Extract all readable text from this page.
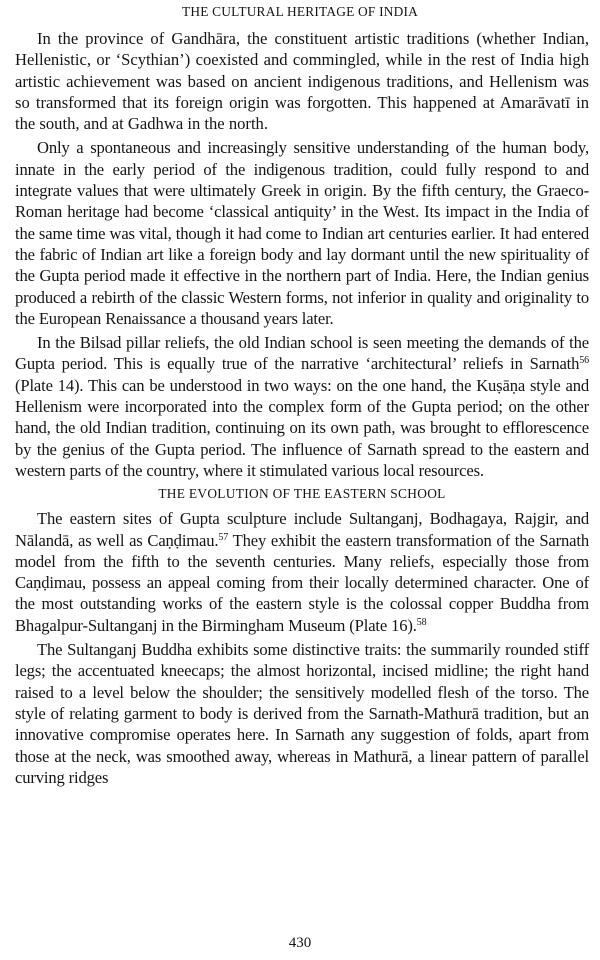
THE CULTURAL HERITAGE OF INDIA

In the province of Gandhāra, the constituent artistic traditions (whether Indian, Hellenistic, or ‘Scythian’) coexisted and commingled, while in the rest of India high artistic achievement was based on ancient indigenous traditions, and Hellenism was so transformed that its foreign origin was forgotten. This happened at Amarāvatī in the south, and at Gadhwa in the north.

Only a spontaneous and increasingly sensitive understanding of the human body, innate in the early period of the indigenous tradition, could fully respond to and integrate values that were ultimately Greek in origin. By the fifth century, the Graeco-Roman heritage had become ‘classical antiquity’ in the West. Its impact in the India of the same time was vital, though it had come to Indian art centuries earlier. It had entered the fabric of Indian art like a foreign body and lay dormant until the new spirituality of the Gupta period made it effective in the northern part of India. Here, the Indian genius produced a rebirth of the classic Western forms, not inferior in quality and originality to the European Renaissance a thousand years later.

In the Bilsad pillar reliefs, the old Indian school is seen meeting the demands of the Gupta period. This is equally true of the narrative ‘architectural’ reliefs in Sarnath$^{56}$ (Plate 14). This can be understood in two ways: on the one hand, the Kuṣāṇa style and Hellenism were incorporated into the complex form of the Gupta period; on the other hand, the old Indian tradition, continuing on its own path, was brought to efflorescence by the genius of the Gupta period. The influence of Sarnath spread to the eastern and western parts of the country, where it stimulated various local resources.

THE EVOLUTION OF THE EASTERN SCHOOL

The eastern sites of Gupta sculpture include Sultanganj, Bodhagaya, Rajgir, and Nālandā, as well as Caṇḍimau.$^{57}$ They exhibit the eastern transformation of the Sarnath model from the fifth to the seventh centuries. Many reliefs, especially those from Caṇḍimau, possess an appeal coming from their locally determined character. One of the most outstanding works of the eastern style is the colossal copper Buddha from Bhagalpur-Sultanganj in the Birmingham Museum (Plate 16).$^{58}$

The Sultanganj Buddha exhibits some distinctive traits: the summarily rounded stiff legs; the accentuated kneecaps; the almost horizontal, incised midline; the right hand raised to a level below the shoulder; the sensitively modelled flesh of the torso. The style of relating garment to body is derived from the Sarnath-Mathurā tradition, but an innovative compromise operates here. In Sarnath any suggestion of folds, apart from those at the neck, was smoothed away, whereas in Mathurā, a linear pattern of parallel curving ridges

430
